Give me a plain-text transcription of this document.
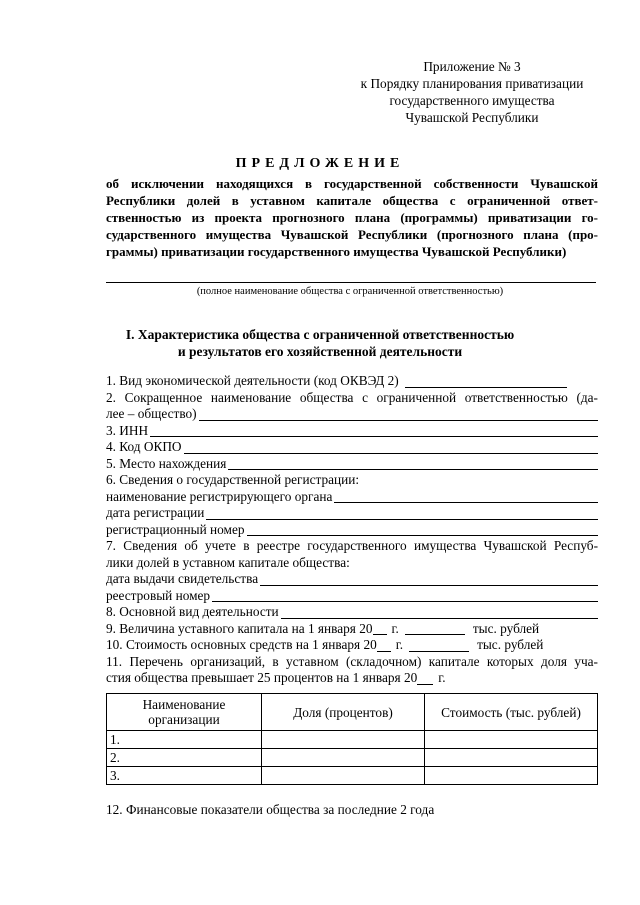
Приложение № 3
к Порядку планирования приватизации
государственного имущества
Чувашской Республики
ПРЕДЛОЖЕНИЕ
об исключении находящихся в государственной собственности Чувашской
Республики долей в уставном капитале общества с ограниченной ответ-
ственностью из проекта прогнозного плана (программы) приватизации го-
сударственного имущества Чувашской Республики (прогнозного плана (про-
граммы) приватизации государственного имущества Чувашской Республики)
(полное наименование общества с ограниченной ответственностью)
I. Характеристика общества с ограниченной ответственностью
и результатов его хозяйственной деятельности
1. Вид экономической деятельности (код ОКВЭД 2)
2. Сокращенное наименование общества с ограниченной ответственностью (да-
лее – общество)
3. ИНН
4. Код ОКПО
5. Место нахождения
6. Сведения о государственной регистрации:
наименование регистрирующего органа
дата регистрации
регистрационный номер
7. Сведения об учете в реестре государственного имущества Чувашской Респуб-
лики долей в уставном капитале общества:
дата выдачи свидетельства
реестровый номер
8. Основной вид деятельности
9. Величина уставного капитала на 1 января 20 г.	тыс. рублей
10. Стоимость основных средств на 1 января 20 г.	тыс. рублей
11. Перечень организаций, в уставном (складочном) капитале которых доля уча-
стия общества превышает 25 процентов на 1 января 20 г.
Наименование организации	Доля (процентов)	Стоимость (тыс. рублей)
1.		
2.		
3.		
12. Финансовые показатели общества за последние 2 года
